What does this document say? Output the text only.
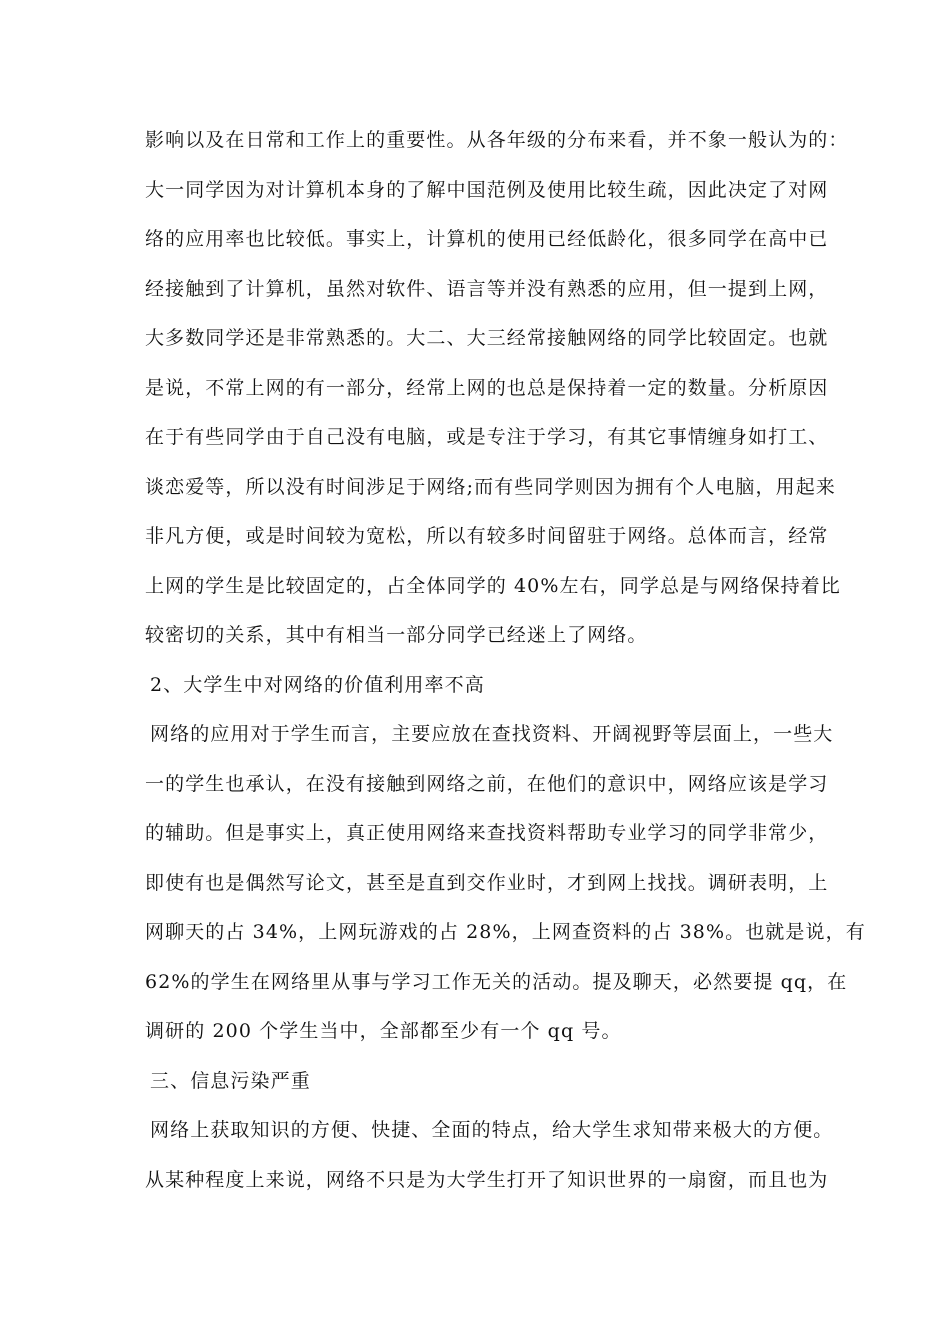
影响以及在日常和工作上的重要性。从各年级的分布来看，并不象一般认为的：
大一同学因为对计算机本身的了解中国范例及使用比较生疏，因此决定了对网
络的应用率也比较低。事实上，计算机的使用已经低龄化，很多同学在高中已
经接触到了计算机，虽然对软件、语言等并没有熟悉的应用，但一提到上网，
大多数同学还是非常熟悉的。大二、大三经常接触网络的同学比较固定。也就
是说，不常上网的有一部分，经常上网的也总是保持着一定的数量。分析原因
在于有些同学由于自己没有电脑，或是专注于学习，有其它事情缠身如打工、
谈恋爱等，所以没有时间涉足于网络;而有些同学则因为拥有个人电脑，用起来
非凡方便，或是时间较为宽松，所以有较多时间留驻于网络。总体而言，经常
上网的学生是比较固定的，占全体同学的 40%左右，同学总是与网络保持着比
较密切的关系，其中有相当一部分同学已经迷上了网络。
2、大学生中对网络的价值利用率不高
网络的应用对于学生而言，主要应放在查找资料、开阔视野等层面上，一些大
一的学生也承认，在没有接触到网络之前，在他们的意识中，网络应该是学习
的辅助。但是事实上，真正使用网络来查找资料帮助专业学习的同学非常少，
即使有也是偶然写论文，甚至是直到交作业时，才到网上找找。调研表明，上
网聊天的占 34%，上网玩游戏的占 28%，上网查资料的占 38%。也就是说，有
62%的学生在网络里从事与学习工作无关的活动。提及聊天，必然要提 qq，在
调研的 200 个学生当中，全部都至少有一个 qq 号。
三、信息污染严重
网络上获取知识的方便、快捷、全面的特点，给大学生求知带来极大的方便。
从某种程度上来说，网络不只是为大学生打开了知识世界的一扇窗，而且也为
